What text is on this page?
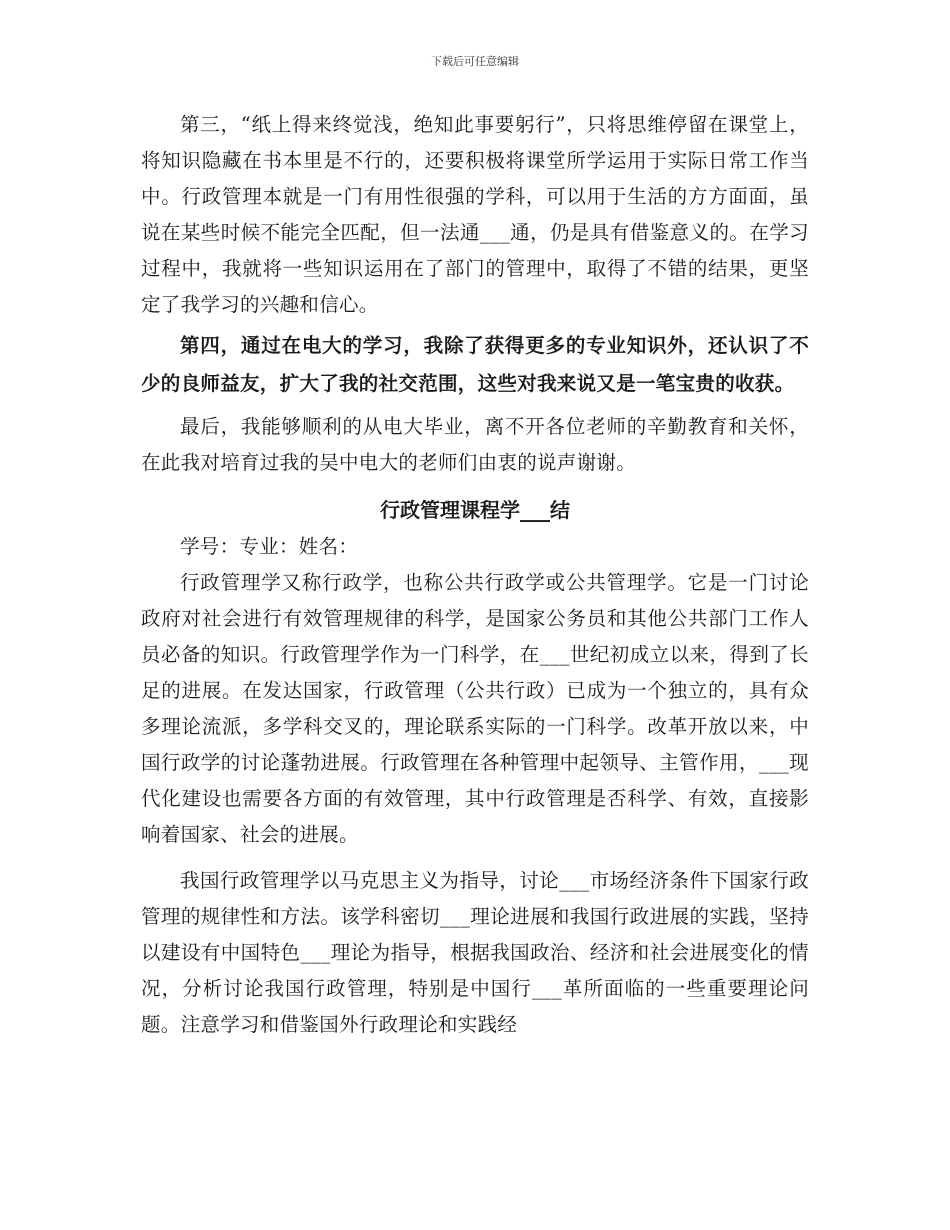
下载后可任意编辑

第三，“纸上得来终觉浅，绝知此事要躬行”，只将思维停留在课堂上，将知识隐藏在书本里是不行的，还要积极将课堂所学运用于实际日常工作当中。行政管理本就是一门有用性很强的学科，可以用于生活的方方面面，虽说在某些时候不能完全匹配，但一法通___通，仍是具有借鉴意义的。在学习过程中，我就将一些知识运用在了部门的管理中，取得了不错的结果，更坚定了我学习的兴趣和信心。

第四，通过在电大的学习，我除了获得更多的专业知识外，还认识了不少的良师益友，扩大了我的社交范围，这些对我来说又是一笔宝贵的收获。

最后，我能够顺利的从电大毕业，离不开各位老师的辛勤教育和关怀，在此我对培育过我的吴中电大的老师们由衷的说声谢谢。

行政管理课程学___结

学号：专业：姓名：

行政管理学又称行政学，也称公共行政学或公共管理学。它是一门讨论政府对社会进行有效管理规律的科学，是国家公务员和其他公共部门工作人员必备的知识。行政管理学作为一门科学，在___世纪初成立以来，得到了长足的进展。在发达国家，行政管理（公共行政）已成为一个独立的，具有众多理论流派，多学科交叉的，理论联系实际的一门科学。改革开放以来，中国行政学的讨论蓬勃进展。行政管理在各种管理中起领导、主管作用，___现代化建设也需要各方面的有效管理，其中行政管理是否科学、有效，直接影响着国家、社会的进展。

我国行政管理学以马克思主义为指导，讨论___市场经济条件下国家行政管理的规律性和方法。该学科密切___理论进展和我国行政进展的实践，坚持以建设有中国特色___理论为指导，根据我国政治、经济和社会进展变化的情况，分析讨论我国行政管理，特别是中国行___革所面临的一些重要理论问题。注意学习和借鉴国外行政理论和实践经
